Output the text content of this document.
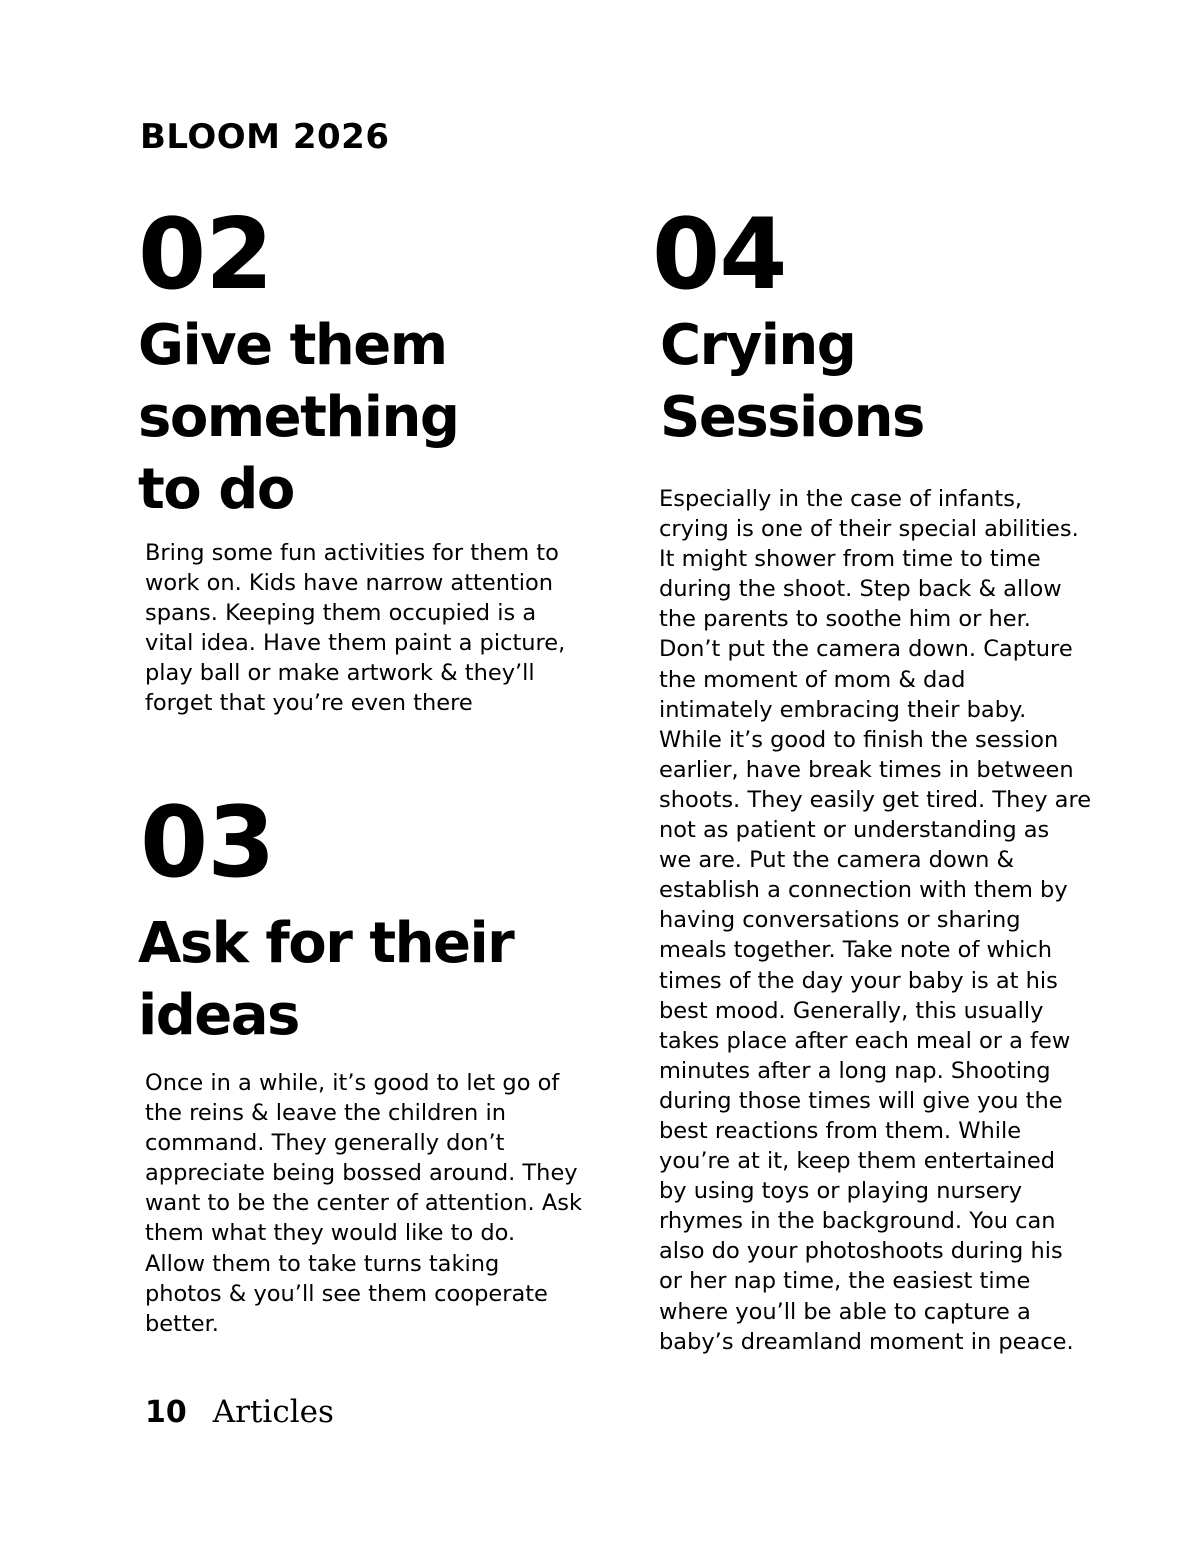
BLOOM 2026
02
Give them
something
to do

Bring some fun activities for them to
work on. Kids have narrow attention
spans. Keeping them occupied is a
vital idea. Have them paint a picture,
play ball or make artwork & they’ll
forget that you’re even there

03
Ask for their
ideas

Once in a while, it’s good to let go of
the reins & leave the children in
command. They generally don’t
appreciate being bossed around. They
want to be the center of attention. Ask
them what they would like to do.
Allow them to take turns taking
photos & you’ll see them cooperate
better.

04
Crying
Sessions

Especially in the case of infants,
crying is one of their special abilities.
It might shower from time to time
during the shoot. Step back & allow
the parents to soothe him or her.
Don’t put the camera down. Capture
the moment of mom & dad
intimately embracing their baby.
While it’s good to finish the session
earlier, have break times in between
shoots. They easily get tired. They are
not as patient or understanding as
we are. Put the camera down &
establish a connection with them by
having conversations or sharing
meals together. Take note of which
times of the day your baby is at his
best mood. Generally, this usually
takes place after each meal or a few
minutes after a long nap. Shooting
during those times will give you the
best reactions from them. While
you’re at it, keep them entertained
by using toys or playing nursery
rhymes in the background. You can
also do your photoshoots during his
or her nap time, the easiest time
where you’ll be able to capture a
baby’s dreamland moment in peace.

10 Articles
